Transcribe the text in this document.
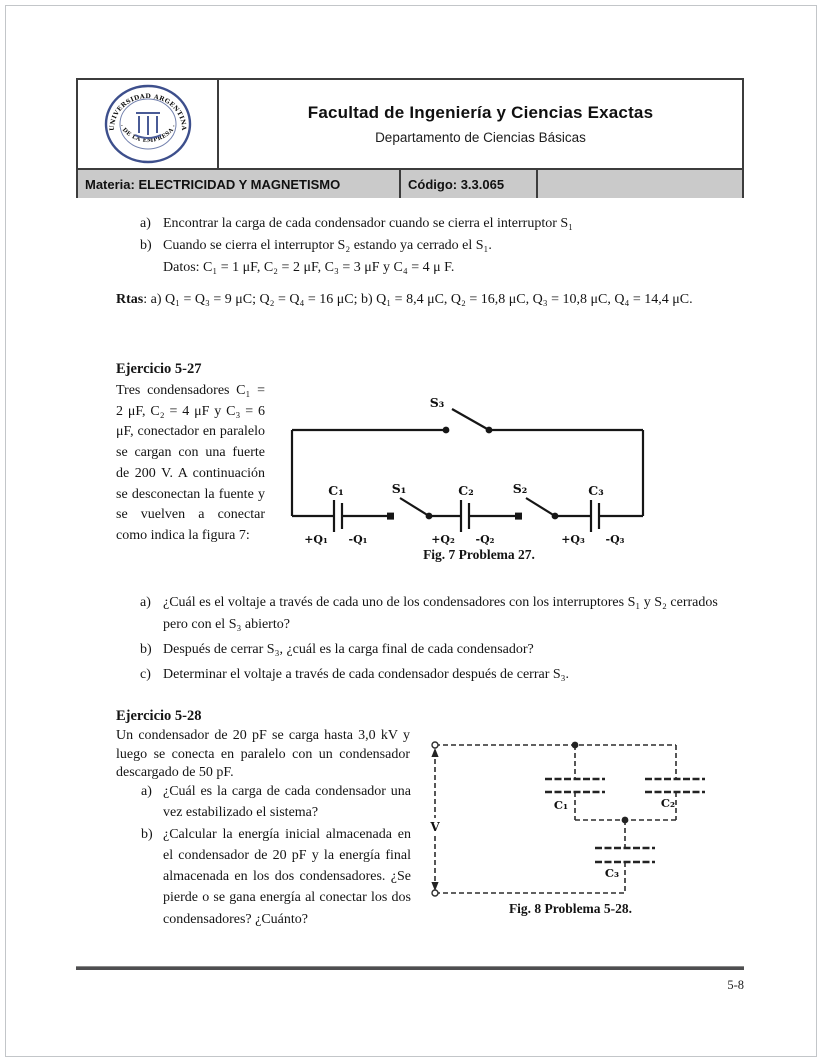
UNIVERSIDAD ARGENTINA
· DE LA EMPRESA ·
Facultad de Ingeniería y Ciencias Exactas
Departamento de Ciencias Básicas
Materia: ELECTRICIDAD Y MAGNETISMO	Código: 3.3.065
a) Encontrar la carga de cada condensador cuando se cierra el interruptor S₁
b) Cuando se cierra el interruptor S₂ estando ya cerrado el S₁.
Datos: C₁ = 1 μF, C₂ = 2 μF, C₃ = 3 μF y C₄ = 4 μ F.
Rtas: a) Q₁ = Q₃ = 9 μC; Q₂ = Q₄ = 16 μC; b) Q₁ = 8,4 μC, Q₂ = 16,8 μC, Q₃ = 10,8 μC, Q₄ = 14,4 μC.
Ejercicio 5-27
Tres condensadores C₁ = 2 μF, C₂ = 4 μF y C₃ = 6 μF, conectador en paralelo se cargan con una fuerte de 200 V. A continuación se desconectan la fuente y se vuelven a conectar como indica la figura 7:
S₃
S₁	S₂
C₁	C₂	C₃
+Q₁ -Q₁	+Q₂ -Q₂	+Q₃ -Q₃
Fig. 7 Problema 27.
a) ¿Cuál es el voltaje a través de cada uno de los condensadores con los interruptores S₁ y S₂ cerrados pero con el S₃ abierto?
b) Después de cerrar S₃, ¿cuál es la carga final de cada condensador?
c) Determinar el voltaje a través de cada condensador después de cerrar S₃.
Ejercicio 5-28
Un condensador de 20 pF se carga hasta 3,0 kV y luego se conecta en paralelo con un condensador descargado de 50 pF.
a) ¿Cuál es la carga de cada condensador una vez estabilizado el sistema?
b) ¿Calcular la energía inicial almacenada en el condensador de 20 pF y la energía final almacenada en los dos condensadores. ¿Se pierde o se gana energía al conectar los dos condensadores? ¿Cuánto?
V
C₁	C₂
C₃
Fig. 8 Problema 5-28.
5-8
